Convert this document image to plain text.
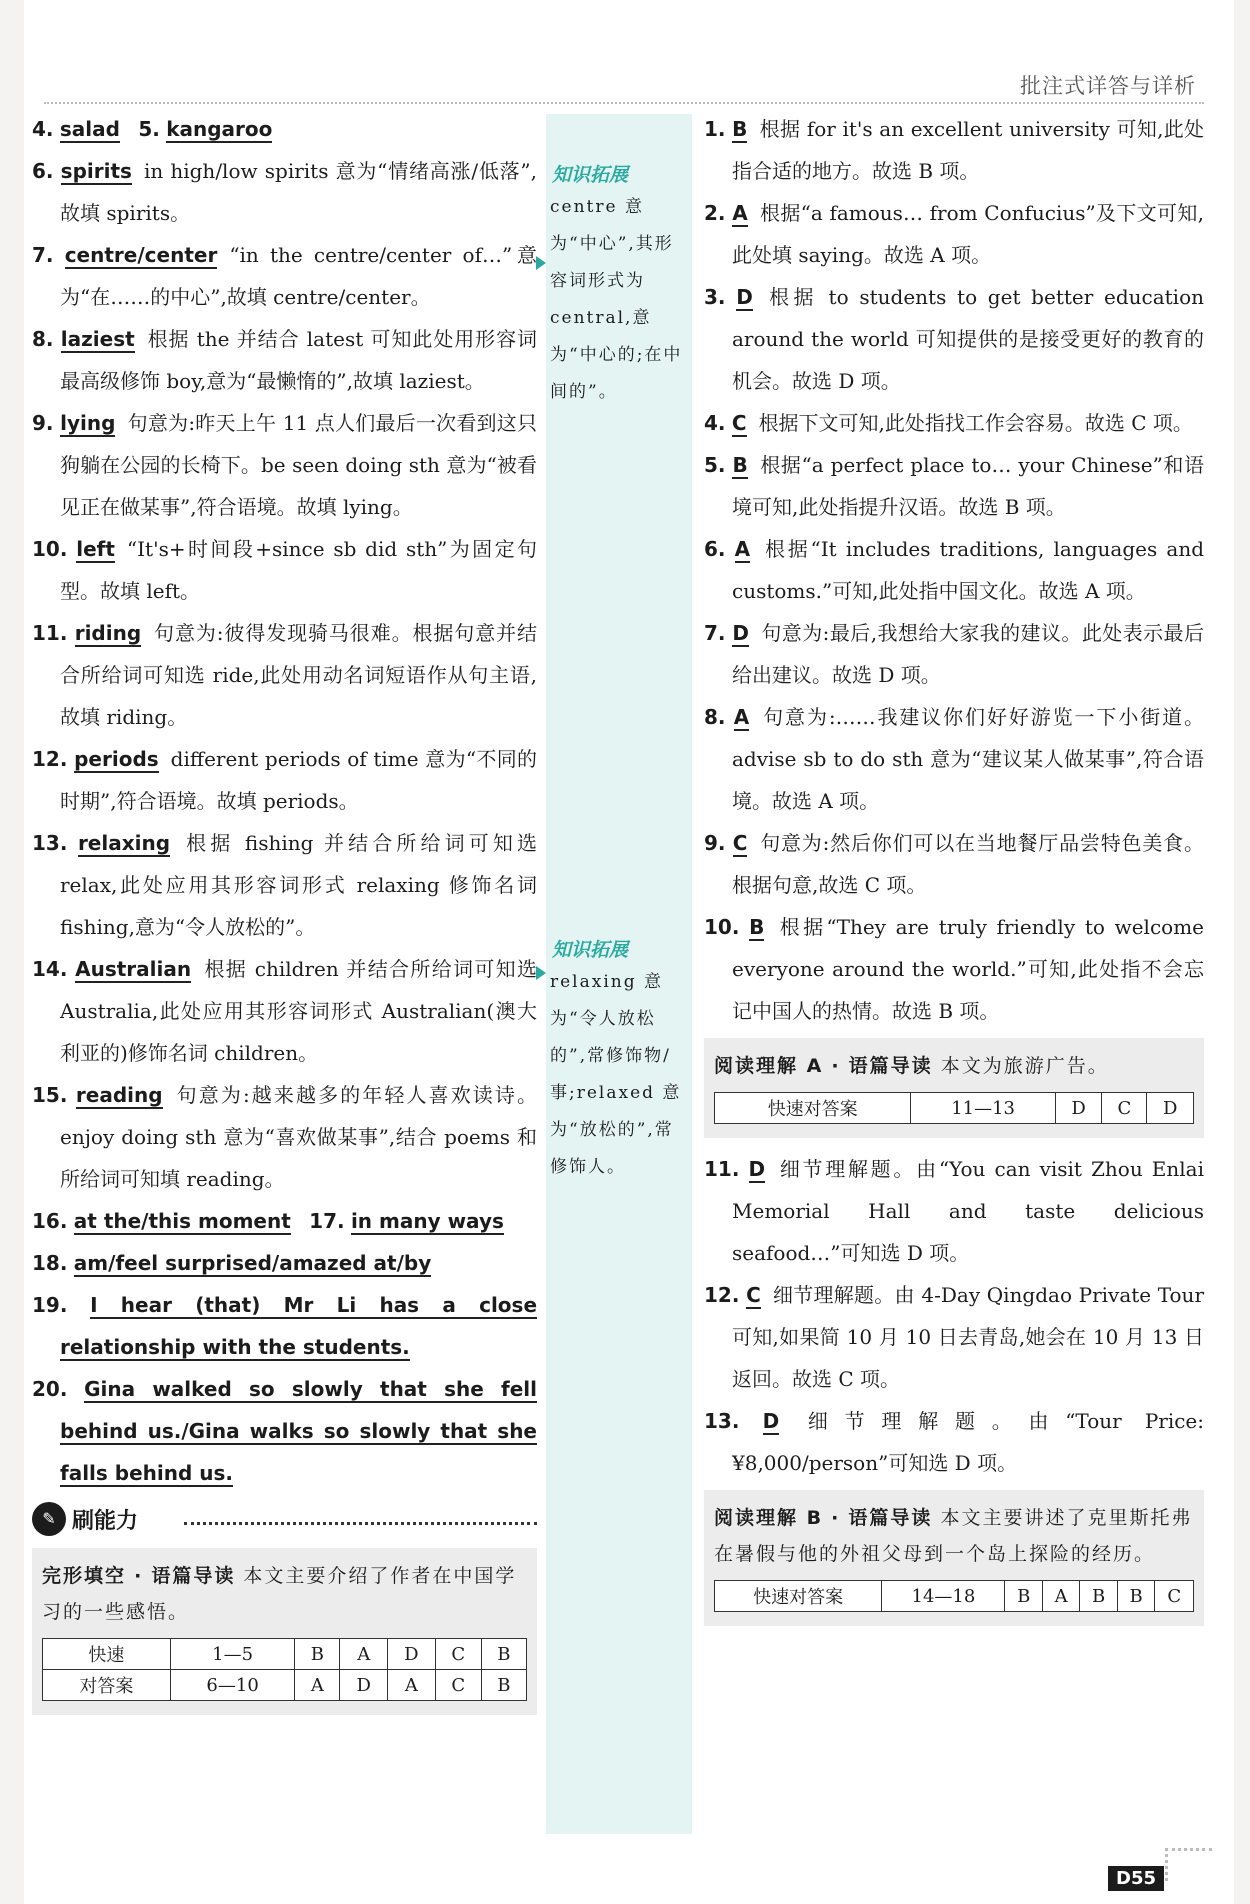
批注式详答与详析
4. salad 5. kangaroo
6. spirits in high/low spirits 意为“情绪高涨/低落”,故填 spirits。
7. centre/center “in the centre/center of…”意为“在……的中心”,故填 centre/center。
8. laziest 根据 the 并结合 latest 可知此处用形容词最高级修饰 boy,意为“最懒惰的”,故填 laziest。
9. lying 句意为:昨天上午 11 点人们最后一次看到这只狗躺在公园的长椅下。be seen doing sth 意为“被看见正在做某事”,符合语境。故填 lying。
10. left “It's+时间段+since sb did sth”为固定句型。故填 left。
11. riding 句意为:彼得发现骑马很难。根据句意并结合所给词可知选 ride,此处用动名词短语作从句主语,故填 riding。
12. periods different periods of time 意为“不同的时期”,符合语境。故填 periods。
13. relaxing 根据 fishing 并结合所给词可知选 relax,此处应用其形容词形式 relaxing 修饰名词 fishing,意为“令人放松的”。
14. Australian 根据 children 并结合所给词可知选 Australia,此处应用其形容词形式 Australian(澳大利亚的)修饰名词 children。
15. reading 句意为:越来越多的年轻人喜欢读诗。enjoy doing sth 意为“喜欢做某事”,结合 poems 和所给词可知填 reading。
16. at the/this moment 17. in many ways
18. am/feel surprised/amazed at/by
19. I hear (that) Mr Li has a close relationship with the students.
20. Gina walked so slowly that she fell behind us./Gina walks so slowly that she falls behind us.
✎ 刷能力
完形填空 · 语篇导读 本文主要介绍了作者在中国学习的一些感悟。
快速	1—5	B	A	D	C	B
对答案	6—10	A	D	A	C	B
知识拓展
centre 意为“中心”,其形容词形式为 central,意为“中心的;在中间的”。
知识拓展
relaxing 意为“令人放松的”,常修饰物/事;relaxed 意为“放松的”,常修饰人。
1. B 根据 for it's an excellent university 可知,此处指合适的地方。故选 B 项。
2. A 根据“a famous… from Confucius”及下文可知,此处填 saying。故选 A 项。
3. D 根据 to students to get better education around the world 可知提供的是接受更好的教育的机会。故选 D 项。
4. C 根据下文可知,此处指找工作会容易。故选 C 项。
5. B 根据“a perfect place to… your Chinese”和语境可知,此处指提升汉语。故选 B 项。
6. A 根据“It includes traditions, languages and customs.”可知,此处指中国文化。故选 A 项。
7. D 句意为:最后,我想给大家我的建议。此处表示最后给出建议。故选 D 项。
8. A 句意为:……我建议你们好好游览一下小街道。advise sb to do sth 意为“建议某人做某事”,符合语境。故选 A 项。
9. C 句意为:然后你们可以在当地餐厅品尝特色美食。根据句意,故选 C 项。
10. B 根据“They are truly friendly to welcome everyone around the world.”可知,此处指不会忘记中国人的热情。故选 B 项。
阅读理解 A · 语篇导读 本文为旅游广告。
快速对答案	11—13	D	C	D
11. D 细节理解题。由“You can visit Zhou Enlai Memorial Hall and taste delicious seafood…”可知选 D 项。
12. C 细节理解题。由 4-Day Qingdao Private Tour 可知,如果简 10 月 10 日去青岛,她会在 10 月 13 日返回。故选 C 项。
13. D 细节理解题。由“Tour Price: ¥8,000/person”可知选 D 项。
阅读理解 B · 语篇导读 本文主要讲述了克里斯托弗在暑假与他的外祖父母到一个岛上探险的经历。
快速对答案	14—18	B	A	B	B	C
D55
